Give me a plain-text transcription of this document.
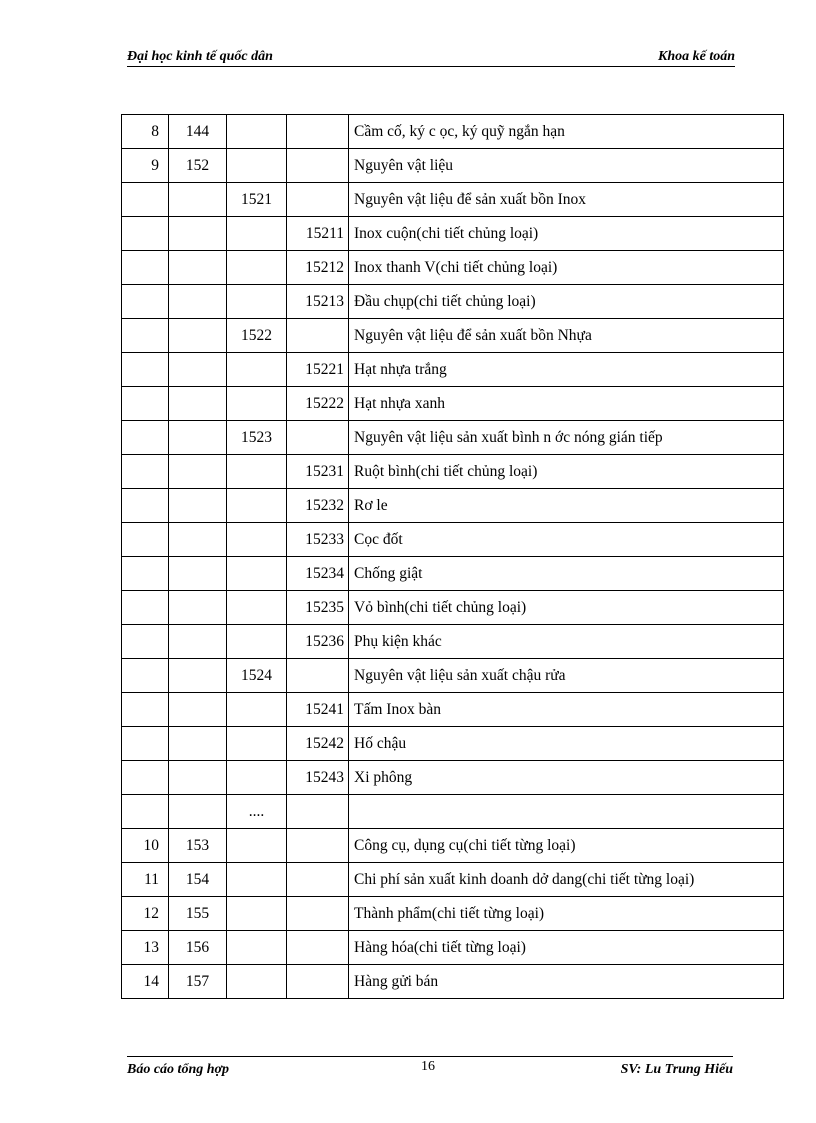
Đại học kinh tế quốc dân	Khoa kế toán
8	144			Cầm cố, ký c ọc, ký quỹ ngắn hạn
9	152			Nguyên vật liệu
		1521		Nguyên vật liệu để sản xuất bồn Inox
			15211	Inox cuộn(chi tiết chủng loại)
			15212	Inox thanh V(chi tiết chủng loại)
			15213	Đầu chụp(chi tiết chủng loại)
		1522		Nguyên vật liệu để sản xuất bồn Nhựa
			15221	Hạt nhựa trắng
			15222	Hạt nhựa xanh
		1523		Nguyên vật liệu sản xuất bình n ớc nóng gián tiếp
			15231	Ruột bình(chi tiết chủng loại)
			15232	Rơ le
			15233	Cọc đốt
			15234	Chống giật
			15235	Vỏ bình(chi tiết chủng loại)
			15236	Phụ kiện khác
		1524		Nguyên vật liệu sản xuất chậu rửa
			15241	Tấm Inox bàn
			15242	Hố chậu
			15243	Xi phông
		....		
10	153			Công cụ, dụng cụ(chi tiết từng loại)
11	154			Chi phí sản xuất kinh doanh dở dang(chi tiết từng loại)
12	155			Thành phẩm(chi tiết từng loại)
13	156			Hàng hóa(chi tiết từng loại)
14	157			Hàng gửi bán
Báo cáo tổng hợp	16	SV: Lu Trung Hiếu
